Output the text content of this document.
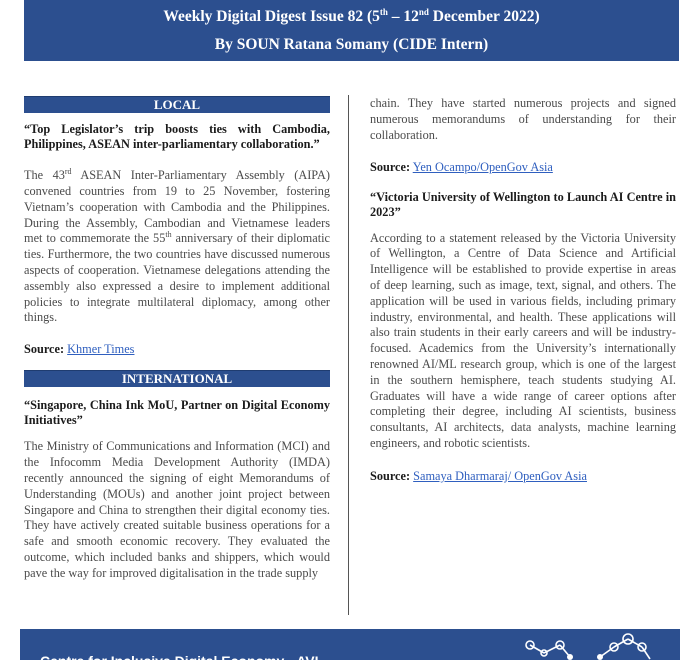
Weekly Digital Digest Issue 82 (5th – 12nd December 2022)
By SOUN Ratana Somany (CIDE Intern)
LOCAL

“Top Legislator’s trip boosts ties with Cambodia, Philippines, ASEAN inter-parliamentary collaboration.”

The 43rd ASEAN Inter-Parliamentary Assembly (AIPA) convened countries from 19 to 25 November, fostering Vietnam’s cooperation with Cambodia and the Philippines. During the Assembly, Cambodian and Vietnamese leaders met to commemorate the 55th anniversary of their diplomatic ties. Furthermore, the two countries have discussed numerous aspects of cooperation. Vietnamese delegations attending the assembly also expressed a desire to implement additional policies to integrate multilateral diplomacy, among other things.

Source: Khmer Times

INTERNATIONAL

“Singapore, China Ink MoU, Partner on Digital Economy Initiatives”

The Ministry of Communications and Information (MCI) and the Infocomm Media Development Authority (IMDA) recently announced the signing of eight Memorandums of Understanding (MOUs) and another joint project between Singapore and China to strengthen their digital economy ties. They have actively created suitable business operations for a safe and smooth economic recovery. They evaluated the outcome, which included banks and shippers, which would pave the way for improved digitalisation in the trade supply

chain. They have started numerous projects and signed numerous memorandums of understanding for their collaboration.

Source: Yen Ocampo/OpenGov Asia

“Victoria University of Wellington to Launch AI Centre in 2023”

According to a statement released by the Victoria University of Wellington, a Centre of Data Science and Artificial Intelligence will be established to provide expertise in areas of deep learning, such as image, text, signal, and others. The application will be used in various fields, including primary industry, environmental, and health. These applications will also train students in their early careers and will be industry-focused. Academics from the University’s internationally renowned AI/ML research group, which is one of the largest in the southern hemisphere, teach students studying AI. Graduates will have a wide range of career options after completing their degree, including AI scientists, business consultants, AI architects, data analysts, machine learning engineers, and robotic scientists.

Source: Samaya Dharmaraj/ OpenGov Asia

Centre for Inclusive Digital Economy - AVI
